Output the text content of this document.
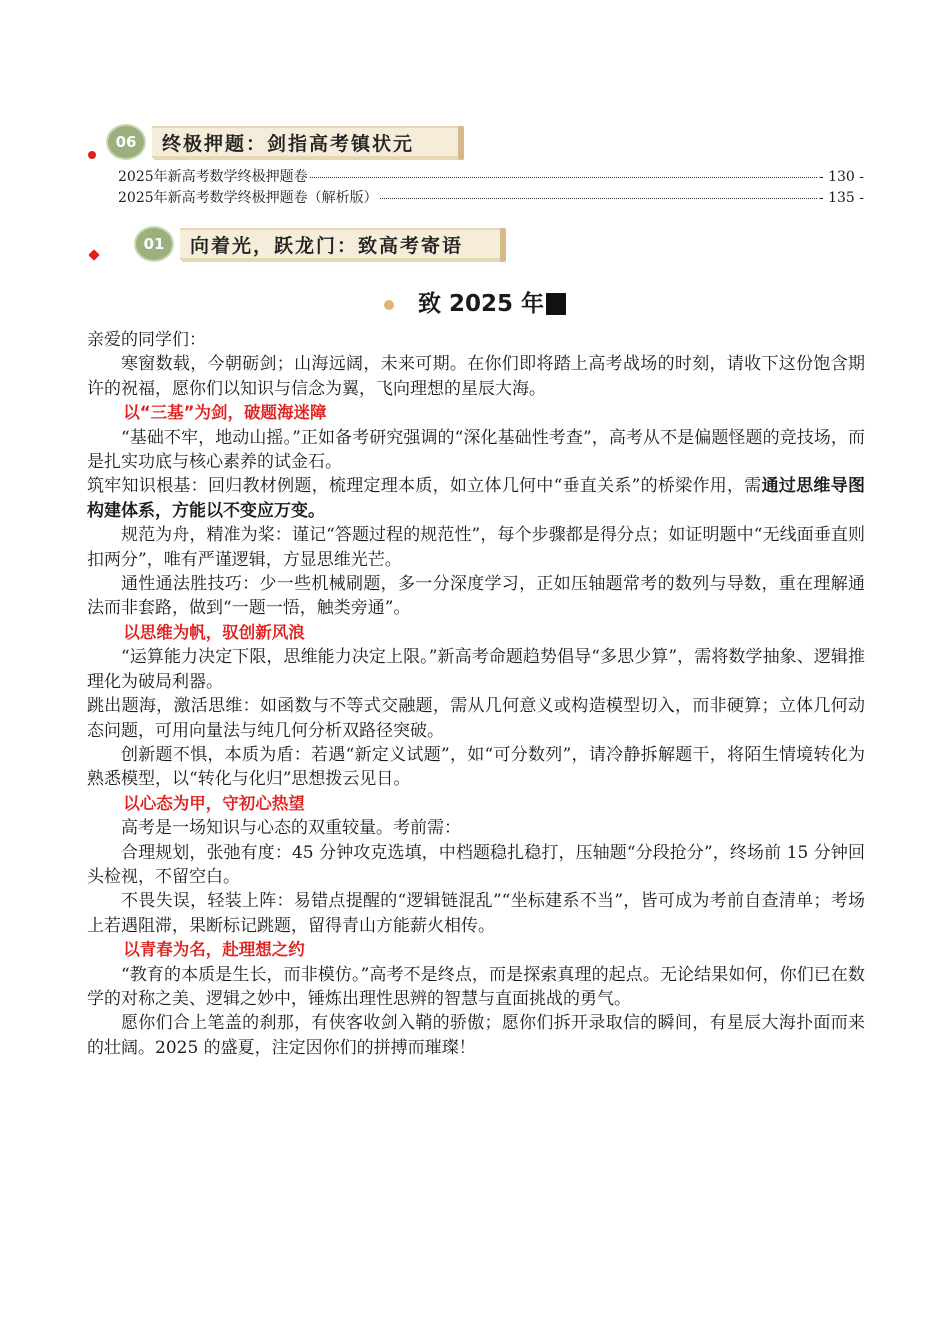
06	终极押题：剑指高考镇状元
2025年新高考数学终极押题卷	- 130 -
2025年新高考数学终极押题卷（解析版）	- 135 -
01	向着光，跃龙门：致高考寄语
致 2025 年

亲爱的同学们：

寒窗数载，今朝砺剑；山海远阔，未来可期。在你们即将踏上高考战场的时刻，请收下这份饱含期许的祝福，愿你们以知识与信念为翼，飞向理想的星辰大海。

以“三基”为剑，破题海迷障

“基础不牢，地动山摇。”正如备考研究强调的“深化基础性考查”，高考从不是偏题怪题的竞技场，而是扎实功底与核心素养的试金石。

筑牢知识根基：回归教材例题，梳理定理本质，如立体几何中“垂直关系”的桥梁作用，需通过思维导图构建体系，方能以不变应万变。

规范为舟，精准为桨：谨记“答题过程的规范性”，每个步骤都是得分点；如证明题中“无线面垂直则扣两分”，唯有严谨逻辑，方显思维光芒。

通性通法胜技巧：少一些机械刷题，多一分深度学习，正如压轴题常考的数列与导数，重在理解通法而非套路，做到“一题一悟，触类旁通”。

以思维为帆，驭创新风浪

“运算能力决定下限，思维能力决定上限。”新高考命题趋势倡导“多思少算”，需将数学抽象、逻辑推理化为破局利器。

跳出题海，激活思维：如函数与不等式交融题，需从几何意义或构造模型切入，而非硬算；立体几何动态问题，可用向量法与纯几何分析双路径突破。

创新题不惧，本质为盾：若遇“新定义试题”，如“可分数列”，请冷静拆解题干，将陌生情境转化为熟悉模型，以“转化与化归”思想拨云见日。

以心态为甲，守初心热望

高考是一场知识与心态的双重较量。考前需：

合理规划，张弛有度：45 分钟攻克选填，中档题稳扎稳打，压轴题“分段抢分”，终场前 15 分钟回头检视，不留空白。

不畏失误，轻装上阵：易错点提醒的“逻辑链混乱”“坐标建系不当”，皆可成为考前自查清单；考场上若遇阻滞，果断标记跳题，留得青山方能薪火相传。

以青春为名，赴理想之约

“教育的本质是生长，而非模仿。”高考不是终点，而是探索真理的起点。无论结果如何，你们已在数学的对称之美、逻辑之妙中，锤炼出理性思辨的智慧与直面挑战的勇气。

愿你们合上笔盖的刹那，有侠客收剑入鞘的骄傲；愿你们拆开录取信的瞬间，有星辰大海扑面而来的壮阔。2025 的盛夏，注定因你们的拼搏而璀璨！
